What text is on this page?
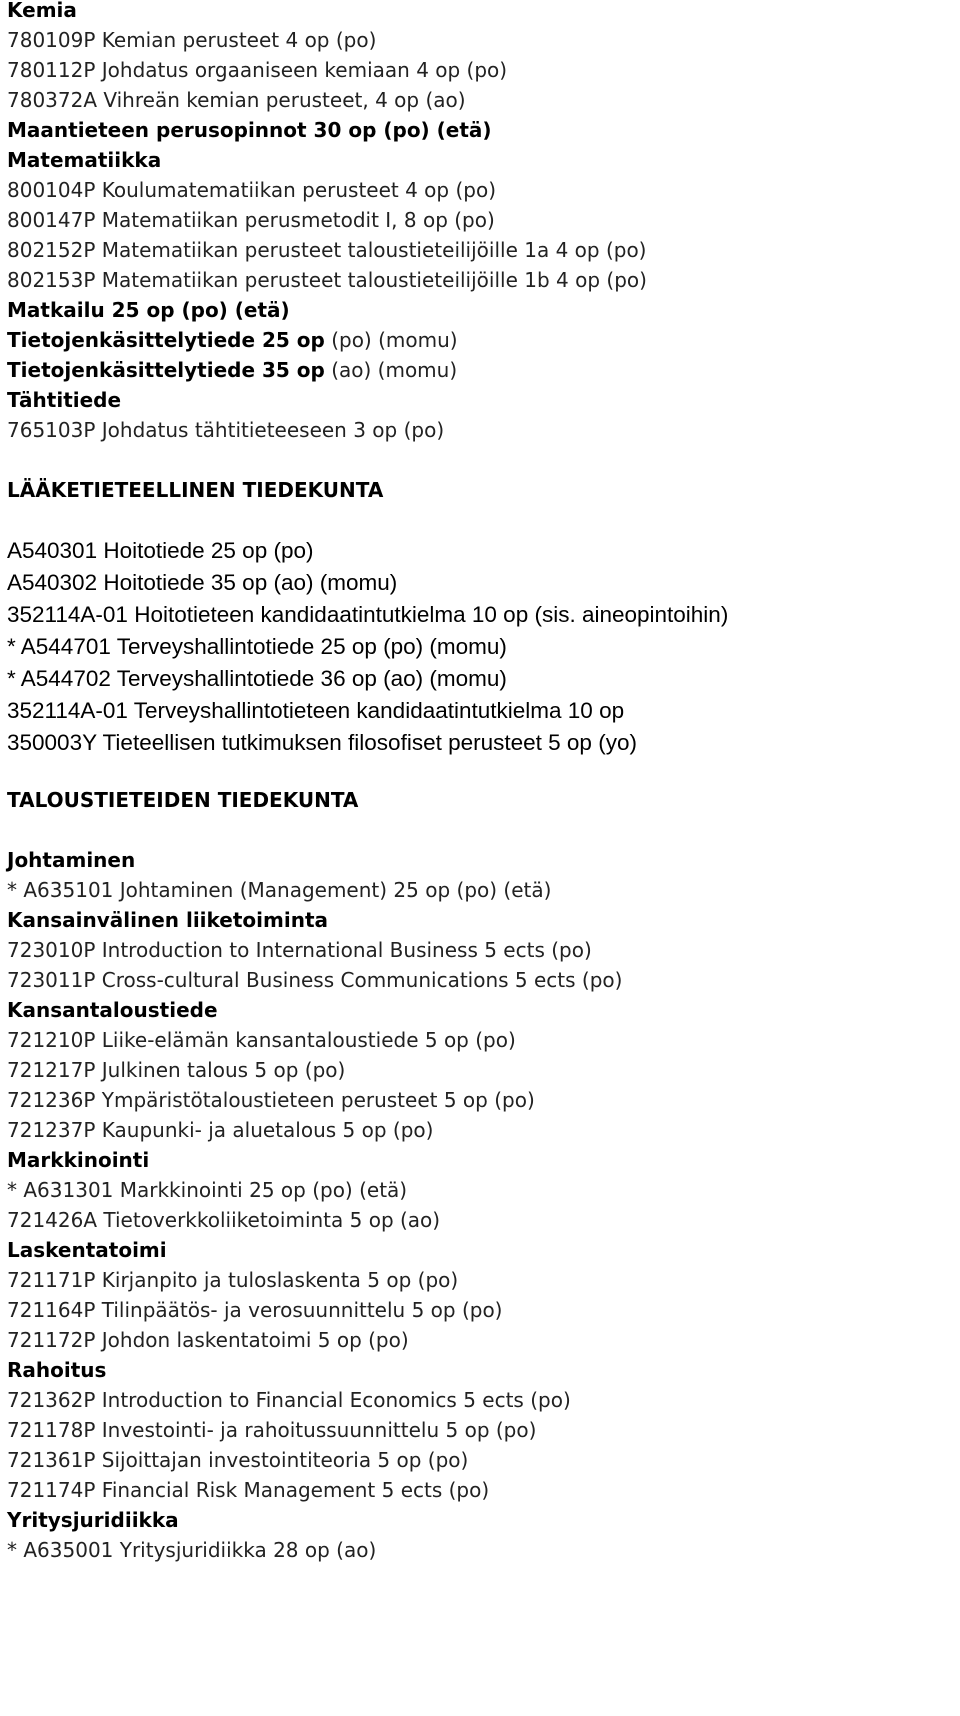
Kemia
780109P Kemian perusteet 4 op (po)
780112P Johdatus orgaaniseen kemiaan 4 op (po)
780372A Vihreän kemian perusteet, 4 op (ao)
Maantieteen perusopinnot 30 op (po) (etä)
Matematiikka
800104P Koulumatematiikan perusteet 4 op (po)
800147P Matematiikan perusmetodit I, 8 op (po)
802152P Matematiikan perusteet taloustieteilijöille 1a 4 op (po)
802153P Matematiikan perusteet taloustieteilijöille 1b 4 op (po)
Matkailu 25 op (po) (etä)
Tietojenkäsittelytiede 25 op (po) (momu)
Tietojenkäsittelytiede 35 op (ao) (momu)
Tähtitiede
765103P Johdatus tähtitieteeseen 3 op (po)
LÄÄKETIETEELLINEN TIEDEKUNTA
A540301 Hoitotiede 25 op (po)
A540302 Hoitotiede 35 op (ao) (momu)
352114A-01 Hoitotieteen kandidaatintutkielma 10 op (sis. aineopintoihin)
* A544701 Terveyshallintotiede 25 op (po) (momu)
* A544702 Terveyshallintotiede 36 op (ao) (momu)
352114A-01 Terveyshallintotieteen kandidaatintutkielma 10 op
350003Y Tieteellisen tutkimuksen filosofiset perusteet 5 op (yo)
TALOUSTIETEIDEN TIEDEKUNTA
Johtaminen
* A635101 Johtaminen (Management) 25 op (po) (etä)
Kansainvälinen liiketoiminta
723010P Introduction to International Business 5 ects (po)
723011P Cross-cultural Business Communications 5 ects (po)
Kansantaloustiede
721210P Liike-elämän kansantaloustiede 5 op (po)
721217P Julkinen talous 5 op (po)
721236P Ympäristötaloustieteen perusteet 5 op (po)
721237P Kaupunki- ja aluetalous 5 op (po)
Markkinointi
* A631301 Markkinointi 25 op (po) (etä)
721426A Tietoverkkoliiketoiminta 5 op (ao)
Laskentatoimi
721171P Kirjanpito ja tuloslaskenta 5 op (po)
721164P Tilinpäätös- ja verosuunnittelu 5 op (po)
721172P Johdon laskentatoimi 5 op (po)
Rahoitus
721362P Introduction to Financial Economics 5 ects (po)
721178P Investointi- ja rahoitussuunnittelu 5 op (po)
721361P Sijoittajan investointiteoria 5 op (po)
721174P Financial Risk Management 5 ects (po)
Yritysjuridiikka
* A635001 Yritysjuridiikka 28 op (ao)
